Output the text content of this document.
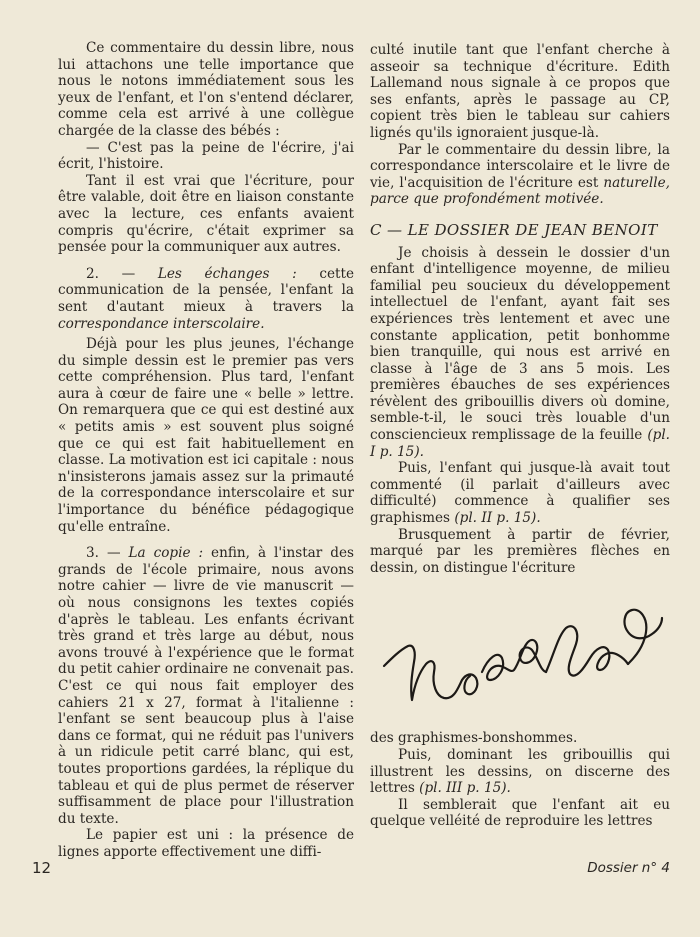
Ce commentaire du dessin libre, nous lui attachons une telle importance que nous le notons immédiatement sous les yeux de l'enfant, et l'on s'entend déclarer, comme cela est arrivé à une collègue chargée de la classe des bébés :

— C'est pas la peine de l'écrire, j'ai écrit, l'histoire.

Tant il est vrai que l'écriture, pour être valable, doit être en liaison constante avec la lecture, ces enfants avaient compris qu'écrire, c'était exprimer sa pensée pour la communiquer aux autres.

2. — Les échanges : cette communication de la pensée, l'enfant la sent d'autant mieux à travers la correspondance interscolaire.

Déjà pour les plus jeunes, l'échange du simple dessin est le premier pas vers cette compréhension. Plus tard, l'enfant aura à cœur de faire une « belle » lettre. On remarquera que ce qui est destiné aux « petits amis » est souvent plus soigné que ce qui est fait habituellement en classe. La motivation est ici capitale : nous n'insisterons jamais assez sur la primauté de la correspondance interscolaire et sur l'importance du bénéfice pédagogique qu'elle entraîne.

3. — La copie : enfin, à l'instar des grands de l'école primaire, nous avons notre cahier — livre de vie manuscrit — où nous consignons les textes copiés d'après le tableau. Les enfants écrivant très grand et très large au début, nous avons trouvé à l'expérience que le format du petit cahier ordinaire ne convenait pas. C'est ce qui nous fait employer des cahiers 21 x 27, format à l'italienne : l'enfant se sent beaucoup plus à l'aise dans ce format, qui ne réduit pas l'univers à un ridicule petit carré blanc, qui est, toutes proportions gardées, la réplique du tableau et qui de plus permet de réserver suffisamment de place pour l'illustration du texte.

Le papier est uni : la présence de lignes apporte effectivement une diffi-

culté inutile tant que l'enfant cherche à asseoir sa technique d'écriture. Edith Lallemand nous signale à ce propos que ses enfants, après le passage au CP, copient très bien le tableau sur cahiers lignés qu'ils ignoraient jusque-là.

Par le commentaire du dessin libre, la correspondance interscolaire et le livre de vie, l'acquisition de l'écriture est naturelle, parce que profondément motivée.

C — LE DOSSIER DE JEAN BENOIT

Je choisis à dessein le dossier d'un enfant d'intelligence moyenne, de milieu familial peu soucieux du développement intellectuel de l'enfant, ayant fait ses expériences très lentement et avec une constante application, petit bonhomme bien tranquille, qui nous est arrivé en classe à l'âge de 3 ans 5 mois. Les premières ébauches de ses expériences révèlent des gribouillis divers où domine, semble-t-il, le souci très louable d'un consciencieux remplissage de la feuille (pl. I p. 15).

Puis, l'enfant qui jusque-là avait tout commenté (il parlait d'ailleurs avec difficulté) commence à qualifier ses graphismes (pl. II p. 15).

Brusquement à partir de février, marqué par les premières flèches en dessin, on distingue l'écriture

des graphismes-bonshommes.

Puis, dominant les gribouillis qui illustrent les dessins, on discerne des lettres (pl. III p. 15).

Il semblerait que l'enfant ait eu quelque velléité de reproduire les lettres

12	Dossier n° 4
